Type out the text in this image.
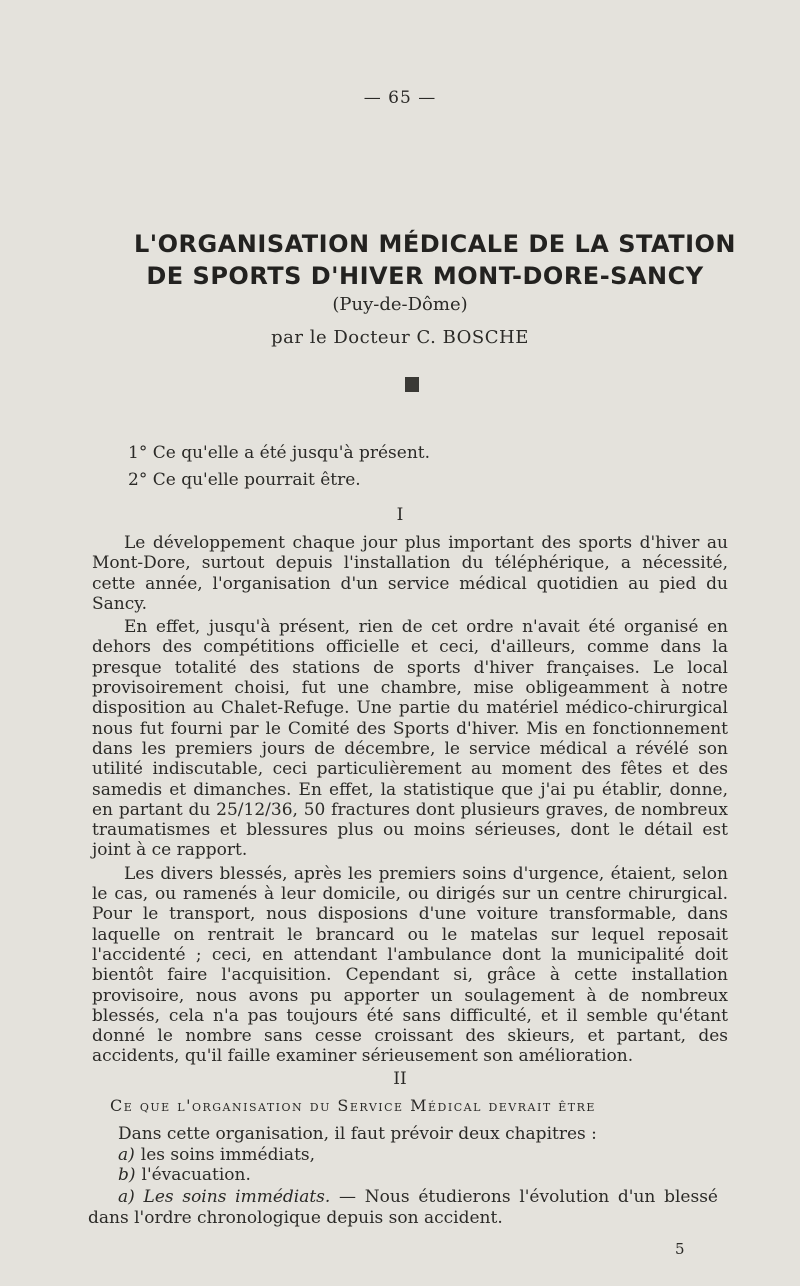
— 65 —
L'ORGANISATION MÉDICALE DE LA STATION
DE SPORTS D'HIVER MONT-DORE-SANCY
(Puy-de-Dôme)
par le Docteur C. BOSCHE
1° Ce qu'elle a été jusqu'à présent.
2° Ce qu'elle pourrait être.
I

Le développement chaque jour plus important des sports d'hiver au Mont-Dore, surtout depuis l'installation du téléphérique, a nécessité, cette année, l'organisation d'un service médical quotidien au pied du Sancy.

En effet, jusqu'à présent, rien de cet ordre n'avait été organisé en dehors des compétitions officielle et ceci, d'ailleurs, comme dans la presque totalité des stations de sports d'hiver françaises. Le local provisoirement choisi, fut une chambre, mise obligeamment à notre disposition au Chalet-Refuge. Une partie du matériel médico-chirurgical nous fut fourni par le Comité des Sports d'hiver. Mis en fonctionnement dans les premiers jours de décembre, le service médical a révélé son utilité indiscutable, ceci particulièrement au moment des fêtes et des samedis et dimanches. En effet, la statistique que j'ai pu établir, donne, en partant du 25/12/36, 50 fractures dont plusieurs graves, de nombreux traumatismes et blessures plus ou moins sérieuses, dont le détail est joint à ce rapport.

Les divers blessés, après les premiers soins d'urgence, étaient, selon le cas, ou ramenés à leur domicile, ou dirigés sur un centre chirurgical. Pour le transport, nous disposions d'une voiture transformable, dans laquelle on rentrait le brancard ou le matelas sur lequel reposait l'accidenté ; ceci, en attendant l'ambulance dont la municipalité doit bientôt faire l'acquisition. Cependant si, grâce à cette installation provisoire, nous avons pu apporter un soulagement à de nombreux blessés, cela n'a pas toujours été sans difficulté, et il semble qu'étant donné le nombre sans cesse croissant des skieurs, et partant, des accidents, qu'il faille examiner sérieusement son amélioration.

II
Ce que l'organisation du Service Médical devrait être
Dans cette organisation, il faut prévoir deux chapitres :
a) les soins immédiats,
b) l'évacuation.

a) Les soins immédiats. — Nous étudierons l'évolution d'un blessé dans l'ordre chronologique depuis son accident.

5
